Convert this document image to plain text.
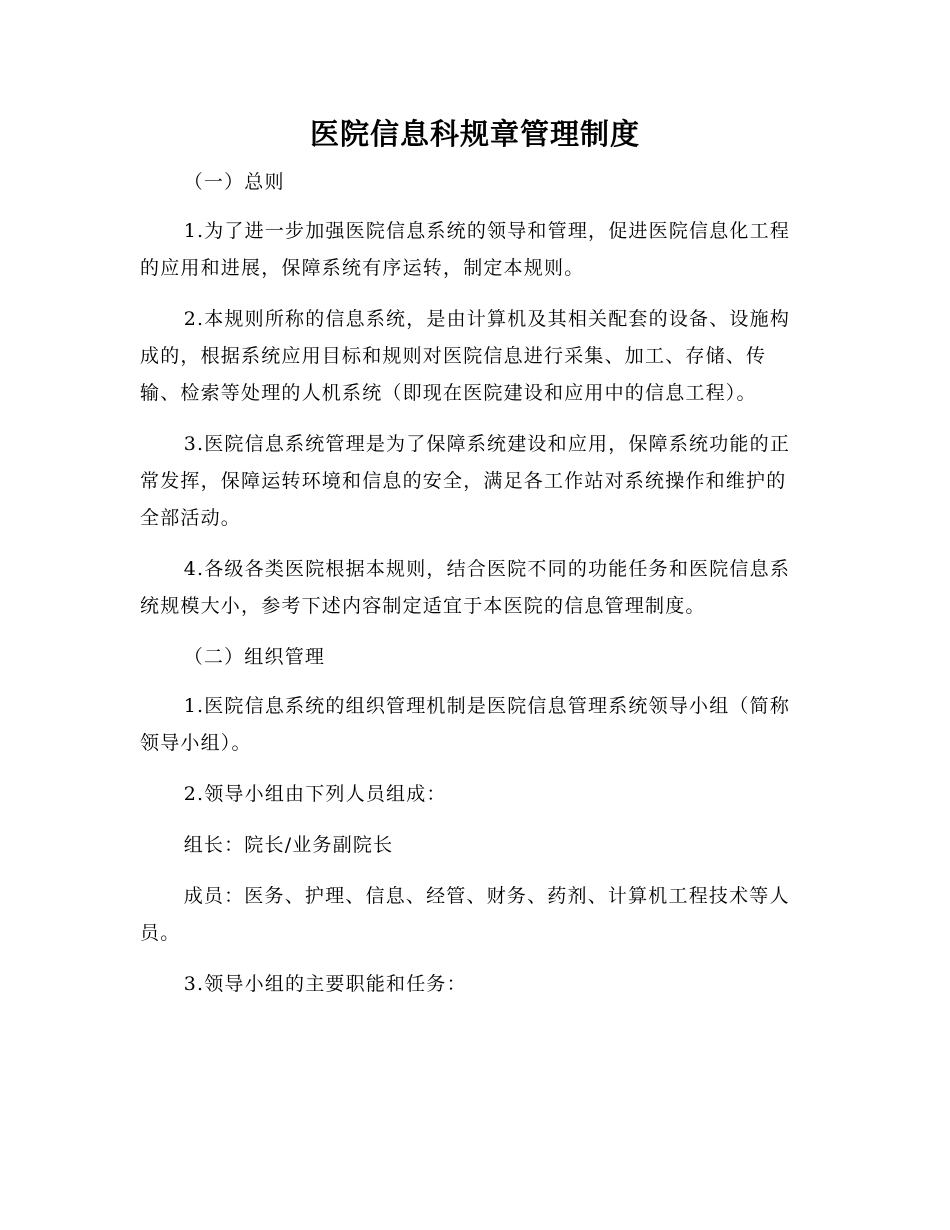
医院信息科规章管理制度

（一）总则

1.为了进一步加强医院信息系统的领导和管理，促进医院信息化工程的应用和进展，保障系统有序运转，制定本规则。

2.本规则所称的信息系统，是由计算机及其相关配套的设备、设施构成的，根据系统应用目标和规则对医院信息进行采集、加工、存储、传输、检索等处理的人机系统（即现在医院建设和应用中的信息工程）。

3.医院信息系统管理是为了保障系统建设和应用，保障系统功能的正常发挥，保障运转环境和信息的安全，满足各工作站对系统操作和维护的全部活动。

4.各级各类医院根据本规则，结合医院不同的功能任务和医院信息系统规模大小，参考下述内容制定适宜于本医院的信息管理制度。

（二）组织管理

1.医院信息系统的组织管理机制是医院信息管理系统领导小组（简称领导小组）。

2.领导小组由下列人员组成：

组长：院长/业务副院长

成员：医务、护理、信息、经管、财务、药剂、计算机工程技术等人员。

3.领导小组的主要职能和任务：
